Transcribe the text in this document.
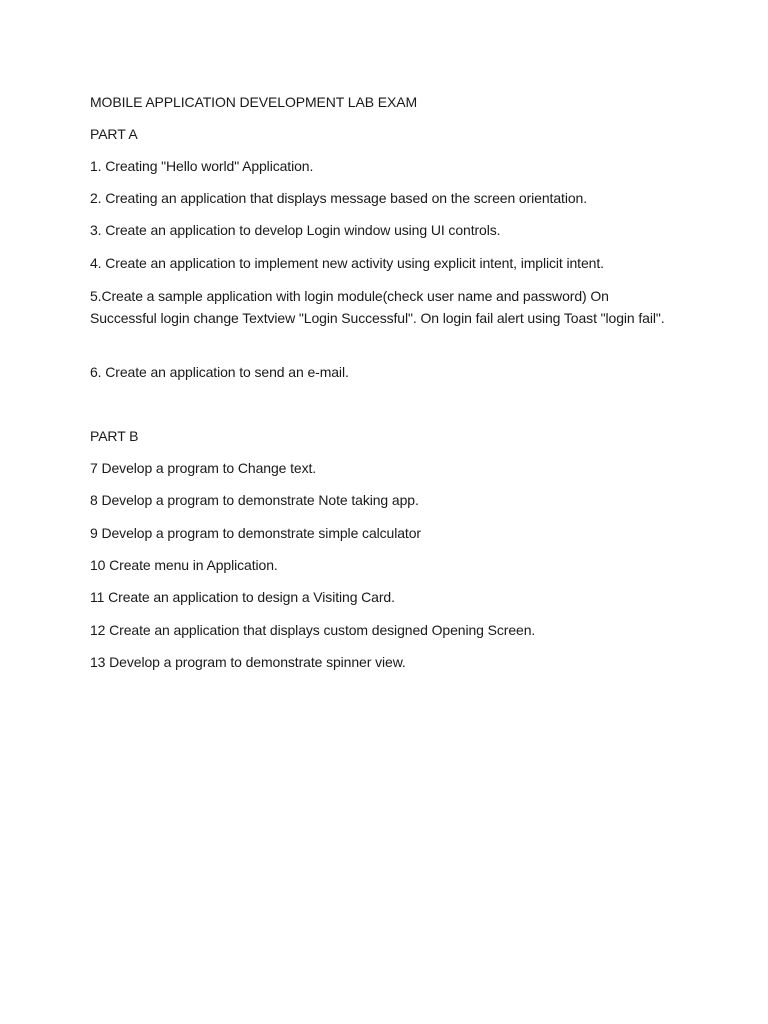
MOBILE APPLICATION DEVELOPMENT LAB EXAM

PART A

1. Creating "Hello world" Application.

2. Creating an application that displays message based on the screen orientation.

3. Create an application to develop Login window using UI controls.

4. Create an application to implement new activity using explicit intent, implicit intent.

5.Create a sample application with login module(check user name and password) On Successful login change Textview "Login Successful". On login fail alert using Toast "login fail".

6. Create an application to send an e-mail.

PART B

7 Develop a program to Change text.

8 Develop a program to demonstrate Note taking app.

9 Develop a program to demonstrate simple calculator

10 Create menu in Application.

11 Create an application to design a Visiting Card.

12 Create an application that displays custom designed Opening Screen.

13 Develop a program to demonstrate spinner view.
